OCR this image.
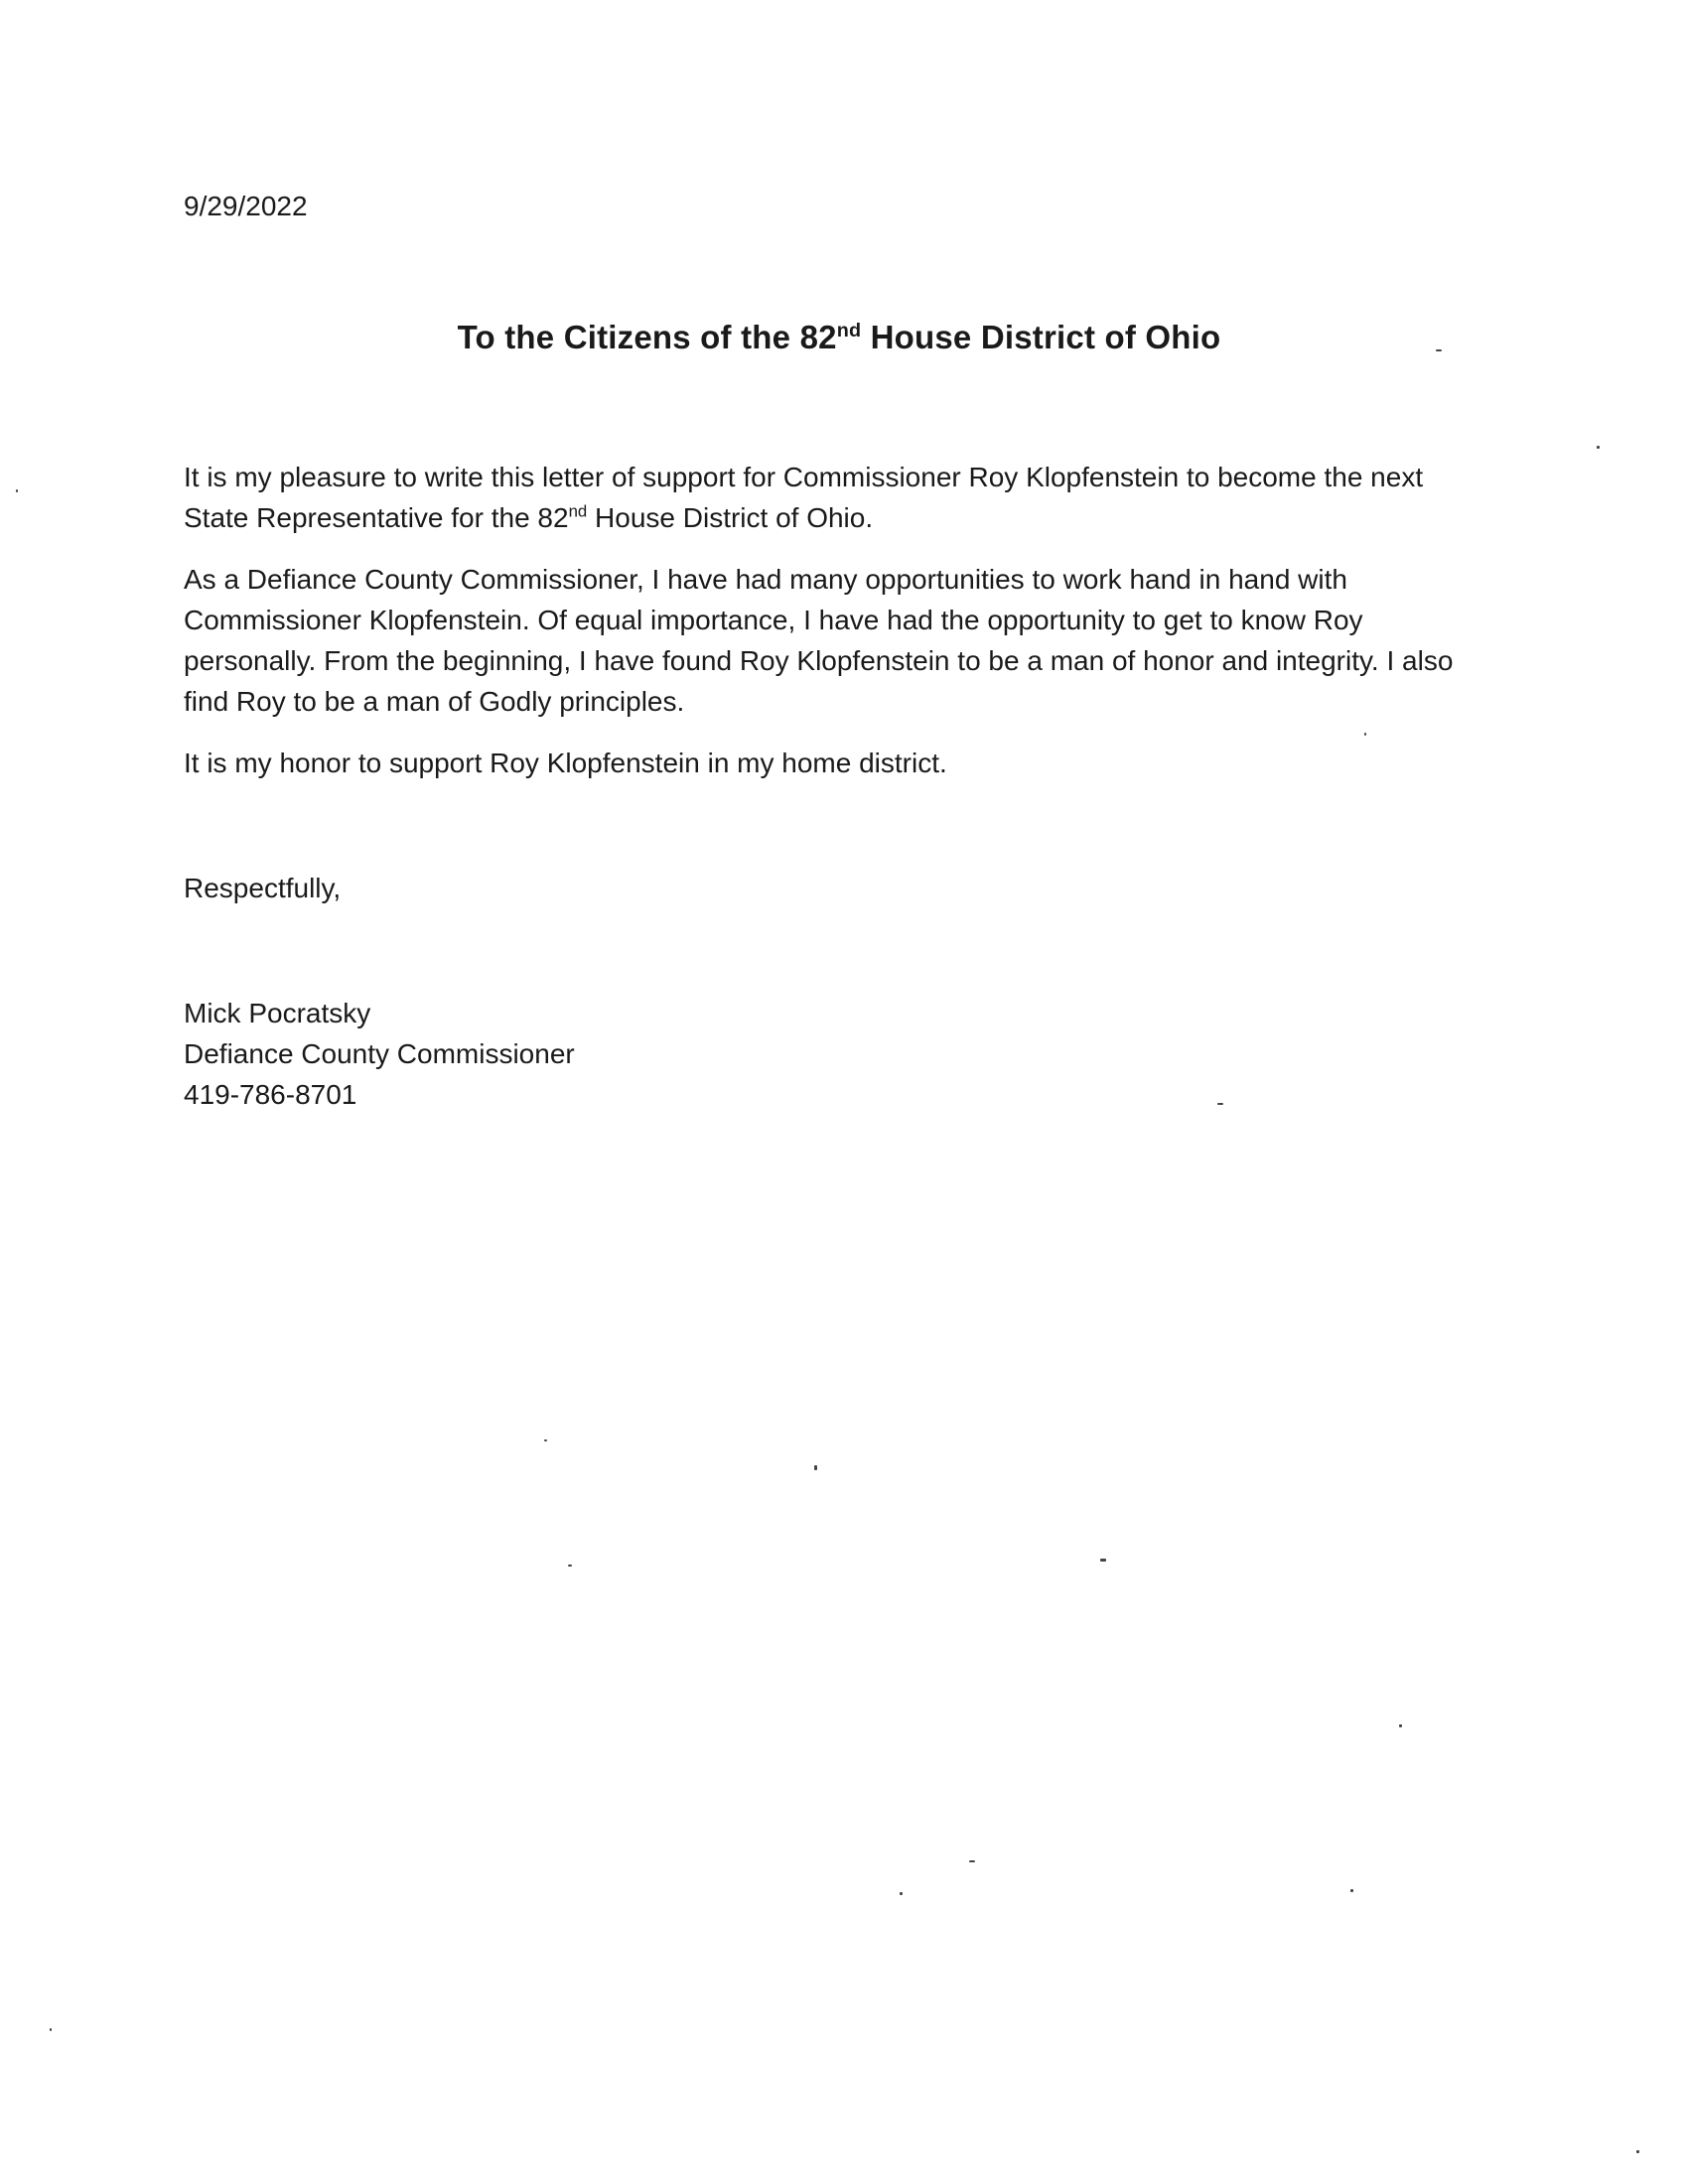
9/29/2022
To the Citizens of the 82nd House District of Ohio
It is my pleasure to write this letter of support for Commissioner Roy Klopfenstein to become the next State Representative for the 82nd House District of Ohio.
As a Defiance County Commissioner, I have had many opportunities to work hand in hand with Commissioner Klopfenstein. Of equal importance, I have had the opportunity to get to know Roy personally. From the beginning, I have found Roy Klopfenstein to be a man of honor and integrity. I also find Roy to be a man of Godly principles.
It is my honor to support Roy Klopfenstein in my home district.
Respectfully,
Mick Pocratsky
Defiance County Commissioner
419-786-8701
